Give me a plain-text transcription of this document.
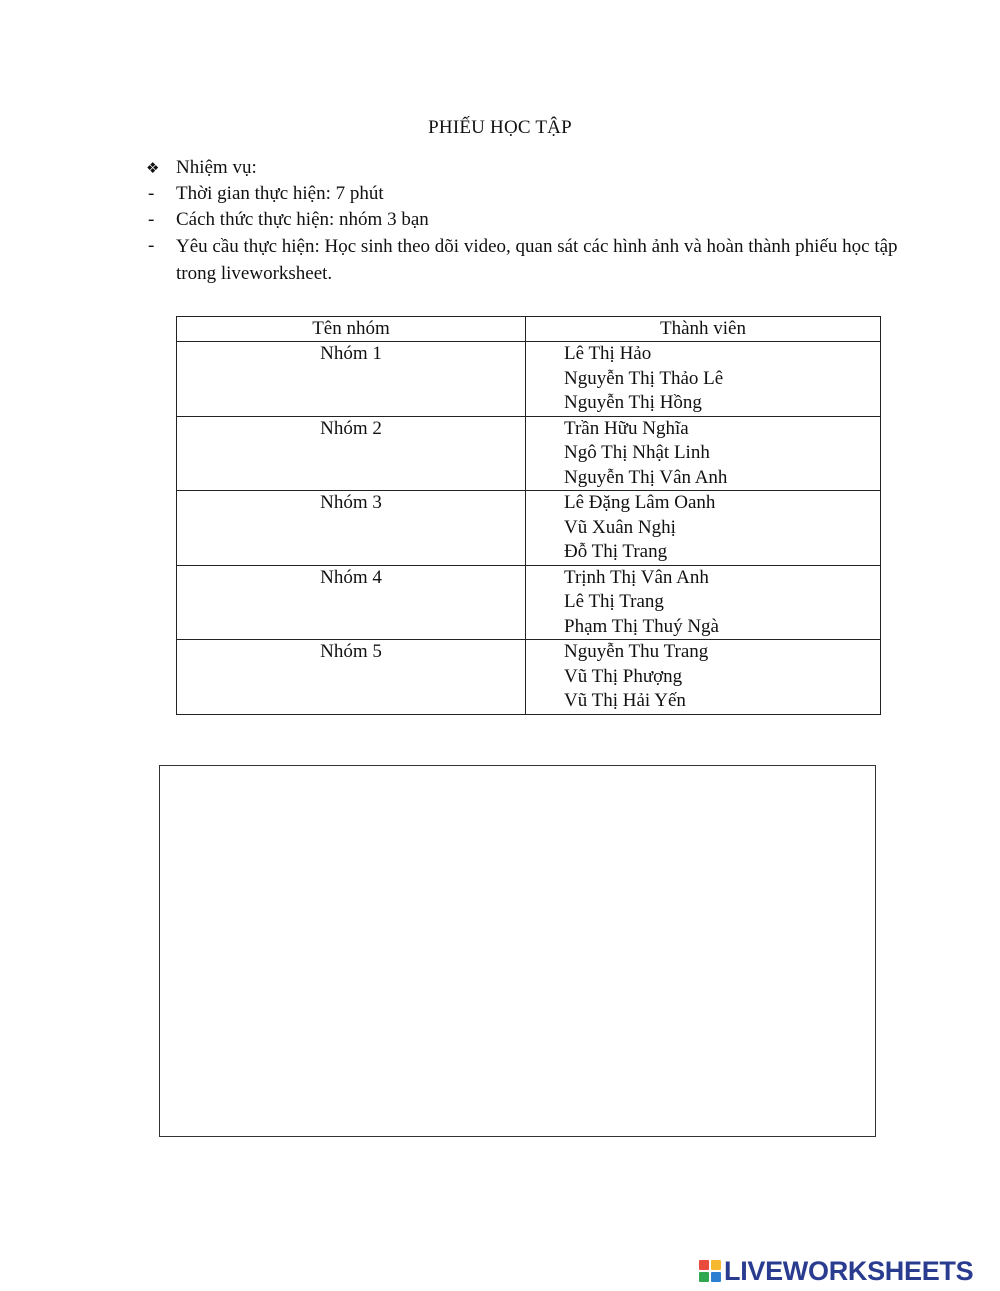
PHIẾU HỌC TẬP
❖ Nhiệm vụ:
-	Thời gian thực hiện: 7 phút
-	Cách thức thực hiện: nhóm 3 bạn
-	Yêu cầu thực hiện: Học sinh theo dõi video, quan sát các hình ảnh và hoàn thành phiếu học tập trong liveworksheet.
Tên nhóm	Thành viên
Nhóm 1	Lê Thị Hảo
Nguyễn Thị Thảo Lê
Nguyễn Thị Hồng

Nhóm 2	Trần Hữu Nghĩa
Ngô Thị Nhật Linh
Nguyễn Thị Vân Anh

Nhóm 3	Lê Đặng Lâm Oanh
Vũ Xuân Nghị
Đỗ Thị Trang

Nhóm 4	Trịnh Thị Vân Anh
Lê Thị Trang
Phạm Thị Thuý Ngà

Nhóm 5	Nguyễn Thu Trang
Vũ Thị Phượng
Vũ Thị Hải Yến
LIVEWORKSHEETS
